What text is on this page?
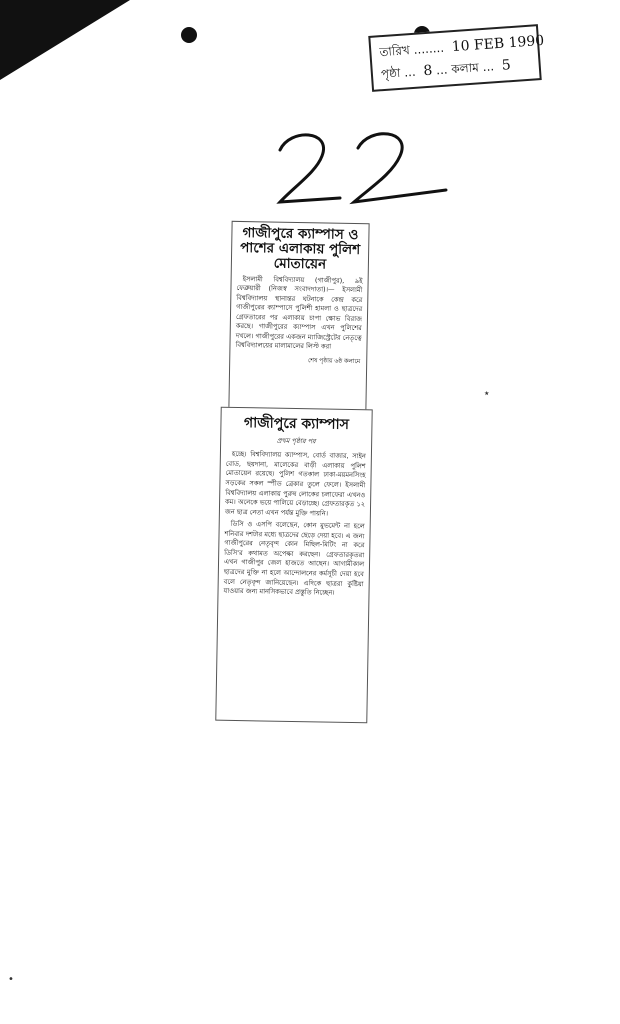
তারিখ ........ 10 FEB 1990
পৃষ্ঠা ... 8 ... কলাম ... 5
গাজীপুরে ক্যাম্পাস ও পাশের এলাকায় পুলিশ মোতায়েন

ইসলামী বিশ্ববিদ্যালয় (গাজীপুর), ৯ই ফেব্রুয়ারী (নিজস্ব সংবাদদাতা)।— ইসলামী বিশ্ববিদ্যালয় স্থানান্তর ঘটনাকে কেন্দ্র করে গাজীপুরের ক্যাম্পাসে পুলিশী হামলা ও ছাত্রদের গ্রেফতারের পর এলাকায় চাপা ক্ষোভ বিরাজ করছে। গাজীপুরের ক্যাম্পাস এখন পুলিশের দখলে। গাজীপুরের একজন ম্যাজিস্ট্রেটের নেতৃত্বে বিশ্ববিদ্যালয়ের মালামালের লিস্ট করা

শেষ পৃষ্ঠায় ৬ষ্ঠ কলামে
গাজীপুরে ক্যাম্পাস
প্রথম পৃষ্ঠার পর

হচ্ছে। বিশ্ববিদ্যালয় ক্যাম্পাস, বোর্ড বাজার, সাইন বোড, ছয়দানা, মালেকের বাড়ী এলাকায় পুলিশ মোতায়েন রয়েছে। পুলিশ গতকাল ঢাকা-ময়মনসিংহ সড়কের সকল স্পীড ব্রেকার তুলে ফেলে। ইসলামী বিশ্ববিদ্যালয় এলাকায় পুরুষ লোকের চলাফেরা এখনও কম। অনেকে ভয়ে পালিয়ে বেড়াচ্ছে। গ্রেফতারকৃত ১২ জন ছাত্র নেতা এখন পর্যন্ত মুক্তি পায়নি।

ডিসি ও এসপি বলেছেন, কোন মুভমেন্ট না হলে শনিবার দশটার মধ্যে ছাত্রদের ছেড়ে দেয়া হবে। এ জন্য গাজীপুরের নেতৃবৃন্দ কোন মিছিল-মিটিং না করে ডিসি'র কথামত অপেক্ষা করছেন। গ্রেফতারকৃতরা এখন গাজীপুর জেল হাজতে আছেন। আগামীকাল ছাত্রদের মুক্তি না হলে আন্দোলনের কর্মসূচী দেয়া হবে বলে নেতৃবৃন্দ জানিয়েছেন। এদিকে ছাত্ররা কুষ্টিয়া যাওয়ার জন্য মানসিকভাবে প্রস্তুতি নিচ্ছেন।

٭
•
